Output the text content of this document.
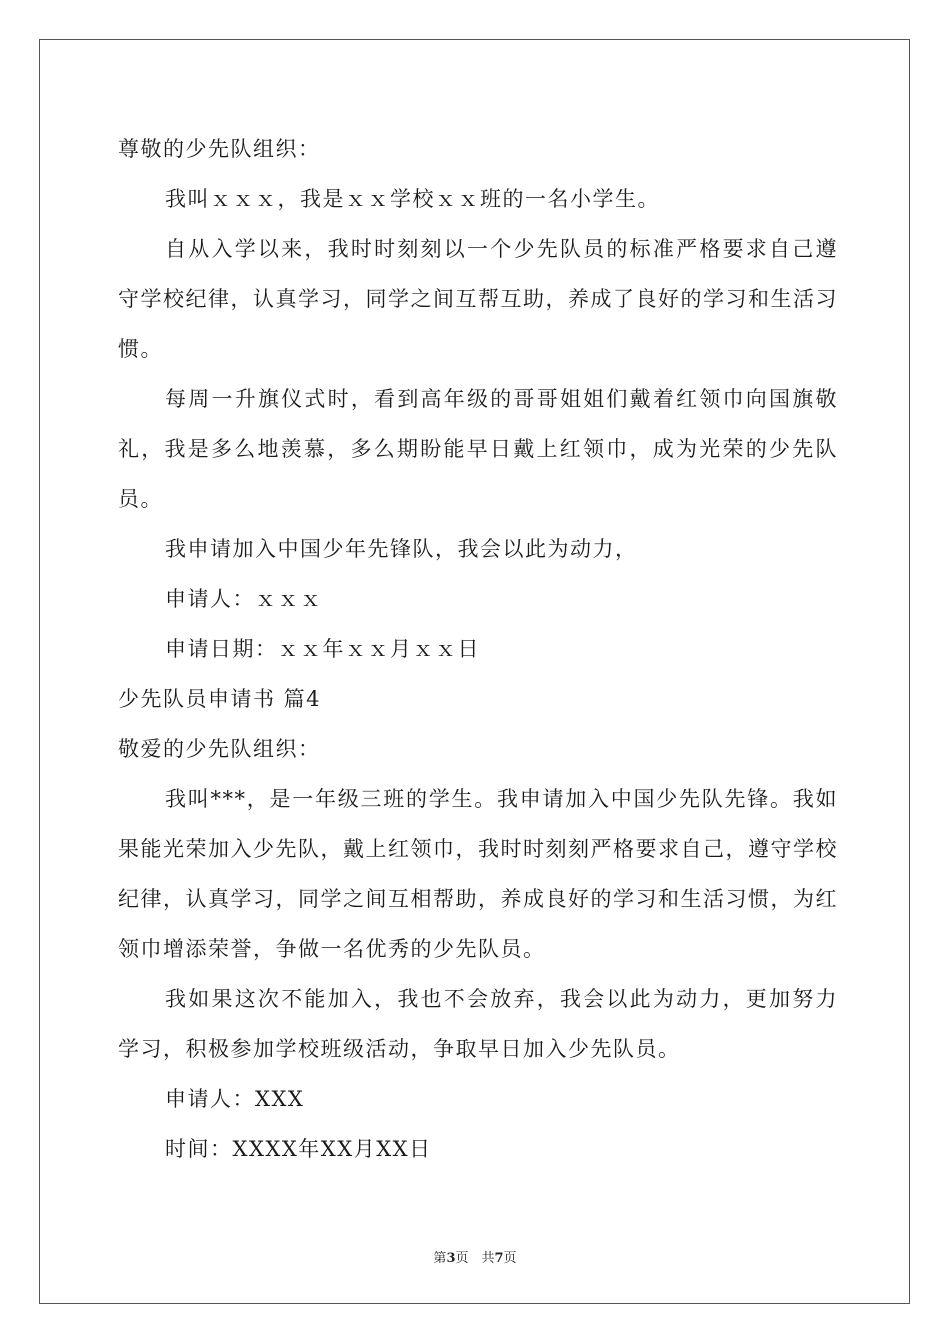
尊敬的少先队组织：

我叫ｘｘｘ，我是ｘｘ学校ｘｘ班的一名小学生。

自从入学以来，我时时刻刻以一个少先队员的标准严格要求自己遵守学校纪律，认真学习，同学之间互帮互助，养成了良好的学习和生活习惯。

每周一升旗仪式时，看到高年级的哥哥姐姐们戴着红领巾向国旗敬礼，我是多么地羡慕，多么期盼能早日戴上红领巾，成为光荣的少先队员。

我申请加入中国少年先锋队，我会以此为动力，

申请人：ｘｘｘ

申请日期：ｘｘ年ｘｘ月ｘｘ日

少先队员申请书 篇4

敬爱的少先队组织：

我叫***，是一年级三班的学生。我申请加入中国少先队先锋。我如果能光荣加入少先队，戴上红领巾，我时时刻刻严格要求自己，遵守学校纪律，认真学习，同学之间互相帮助，养成良好的学习和生活习惯，为红领巾增添荣誉，争做一名优秀的少先队员。

我如果这次不能加入，我也不会放弃，我会以此为动力，更加努力学习，积极参加学校班级活动，争取早日加入少先队员。

申请人：XXX

时间：XXXX年XX月XX日

第3页　共7页
